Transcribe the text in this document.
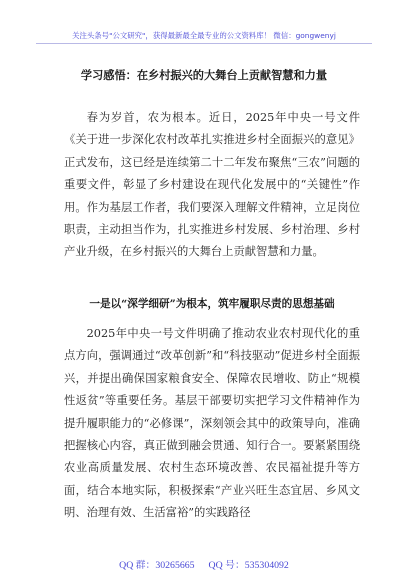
关注头条号"公文研究"，获得最新最全最专业的公文资料库！ 微信：gongwenyj
学习感悟：在乡村振兴的大舞台上贡献智慧和力量

春为岁首，农为根本。近日，2025年中央一号文件《关于进一步深化农村改革扎实推进乡村全面振兴的意见》正式发布，这已经是连续第二十二年发布聚焦“三农”问题的重要文件，彰显了乡村建设在现代化发展中的“关键性”作用。作为基层工作者，我们要深入理解文件精神，立足岗位职责，主动担当作为，扎实推进乡村发展、乡村治理、乡村产业升级，在乡村振兴的大舞台上贡献智慧和力量。

一是以“深学细研”为根本，筑牢履职尽责的思想基础

2025年中央一号文件明确了推动农业农村现代化的重点方向，强调通过“改革创新”和“科技驱动”促进乡村全面振兴，并提出确保国家粮食安全、保障农民增收、防止“规模性返贫”等重要任务。基层干部要切实把学习文件精神作为提升履职能力的“必修课”，深刻领会其中的政策导向，准确把握核心内容，真正做到融会贯通、知行合一。要紧紧围绕农业高质量发展、农村生态环境改善、农民福祉提升等方面，结合本地实际，积极探索“产业兴旺生态宜居、乡风文明、治理有效、生活富裕”的实践路径

QQ 群：30265665 QQ 号：535304092
